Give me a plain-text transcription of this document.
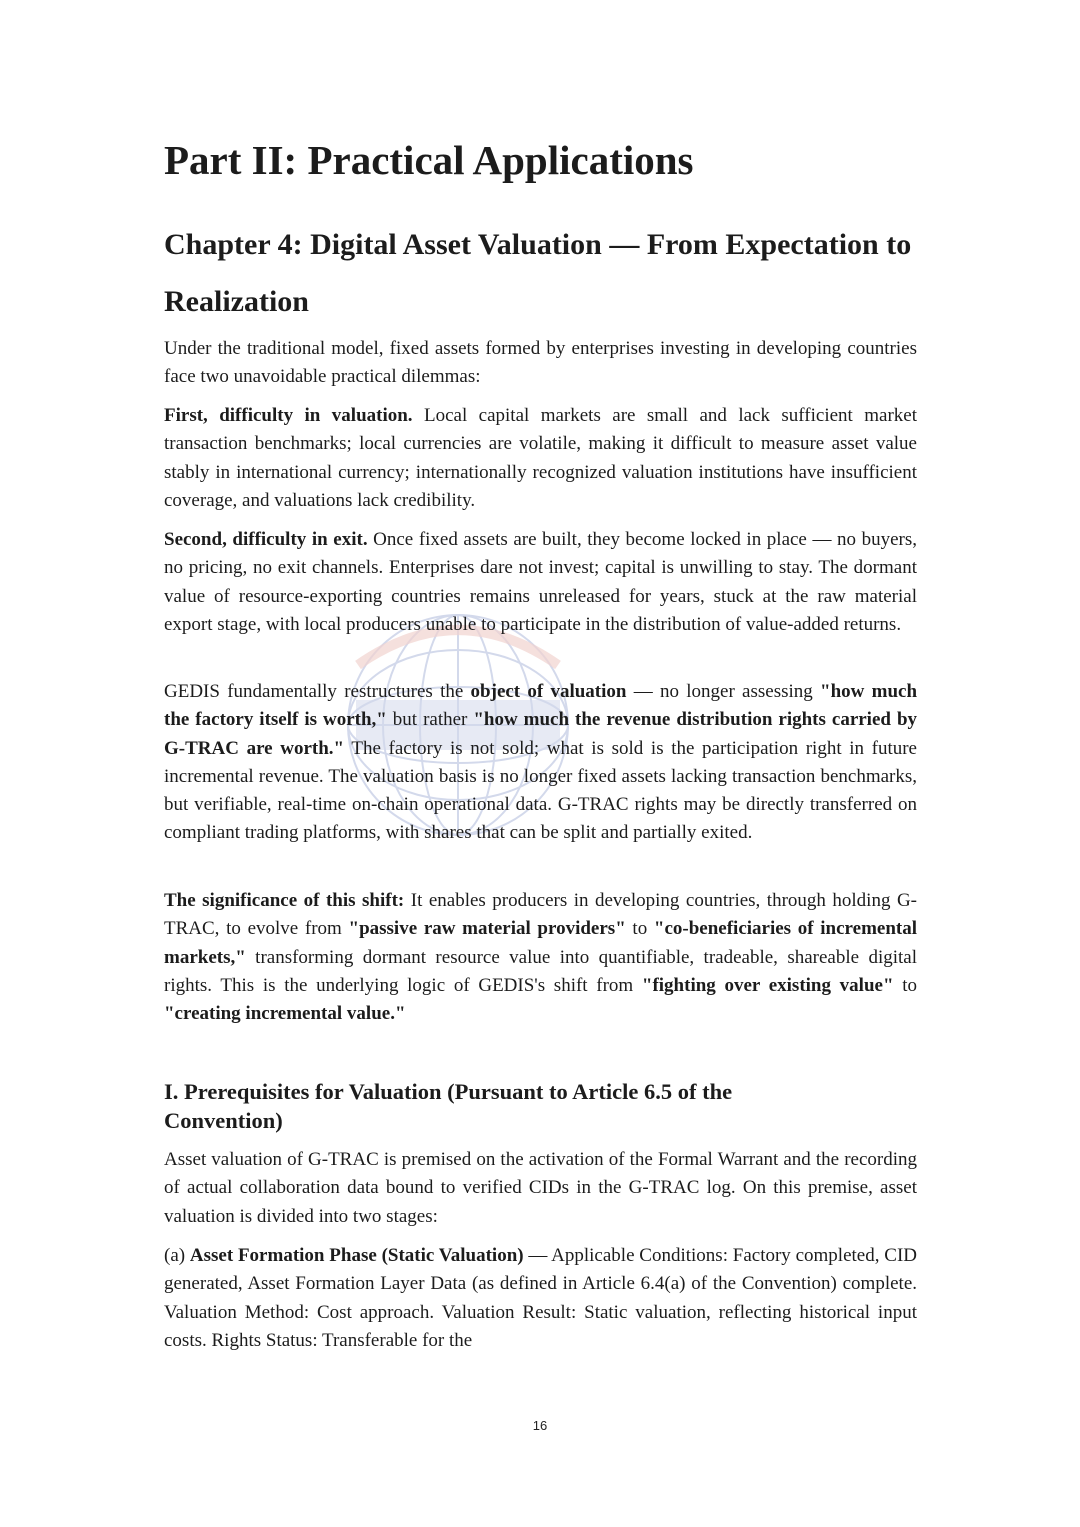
Part II: Practical Applications
Chapter 4: Digital Asset Valuation — From Expectation to Realization

Under the traditional model, fixed assets formed by enterprises investing in developing countries face two unavoidable practical dilemmas:

First, difficulty in valuation. Local capital markets are small and lack sufficient market transaction benchmarks; local currencies are volatile, making it difficult to measure asset value stably in international currency; internationally recognized valuation institutions have insufficient coverage, and valuations lack credibility.

Second, difficulty in exit. Once fixed assets are built, they become locked in place — no buyers, no pricing, no exit channels. Enterprises dare not invest; capital is unwilling to stay. The dormant value of resource-exporting countries remains unreleased for years, stuck at the raw material export stage, with local producers unable to participate in the distribution of value-added returns.

GEDIS fundamentally restructures the object of valuation — no longer assessing "how much the factory itself is worth," but rather "how much the revenue distribution rights carried by G-TRAC are worth." The factory is not sold; what is sold is the participation right in future incremental revenue. The valuation basis is no longer fixed assets lacking transaction benchmarks, but verifiable, real-time on-chain operational data. G-TRAC rights may be directly transferred on compliant trading platforms, with shares that can be split and partially exited.

The significance of this shift: It enables producers in developing countries, through holding G-TRAC, to evolve from "passive raw material providers" to "co-beneficiaries of incremental markets," transforming dormant resource value into quantifiable, tradeable, shareable digital rights. This is the underlying logic of GEDIS's shift from "fighting over existing value" to "creating incremental value."

I. Prerequisites for Valuation (Pursuant to Article 6.5 of the Convention)

Asset valuation of G-TRAC is premised on the activation of the Formal Warrant and the recording of actual collaboration data bound to verified CIDs in the G-TRAC log. On this premise, asset valuation is divided into two stages:

(a) Asset Formation Phase (Static Valuation) — Applicable Conditions: Factory completed, CID generated, Asset Formation Layer Data (as defined in Article 6.4(a) of the Convention) complete. Valuation Method: Cost approach. Valuation Result: Static valuation, reflecting historical input costs. Rights Status: Transferable for the

16
